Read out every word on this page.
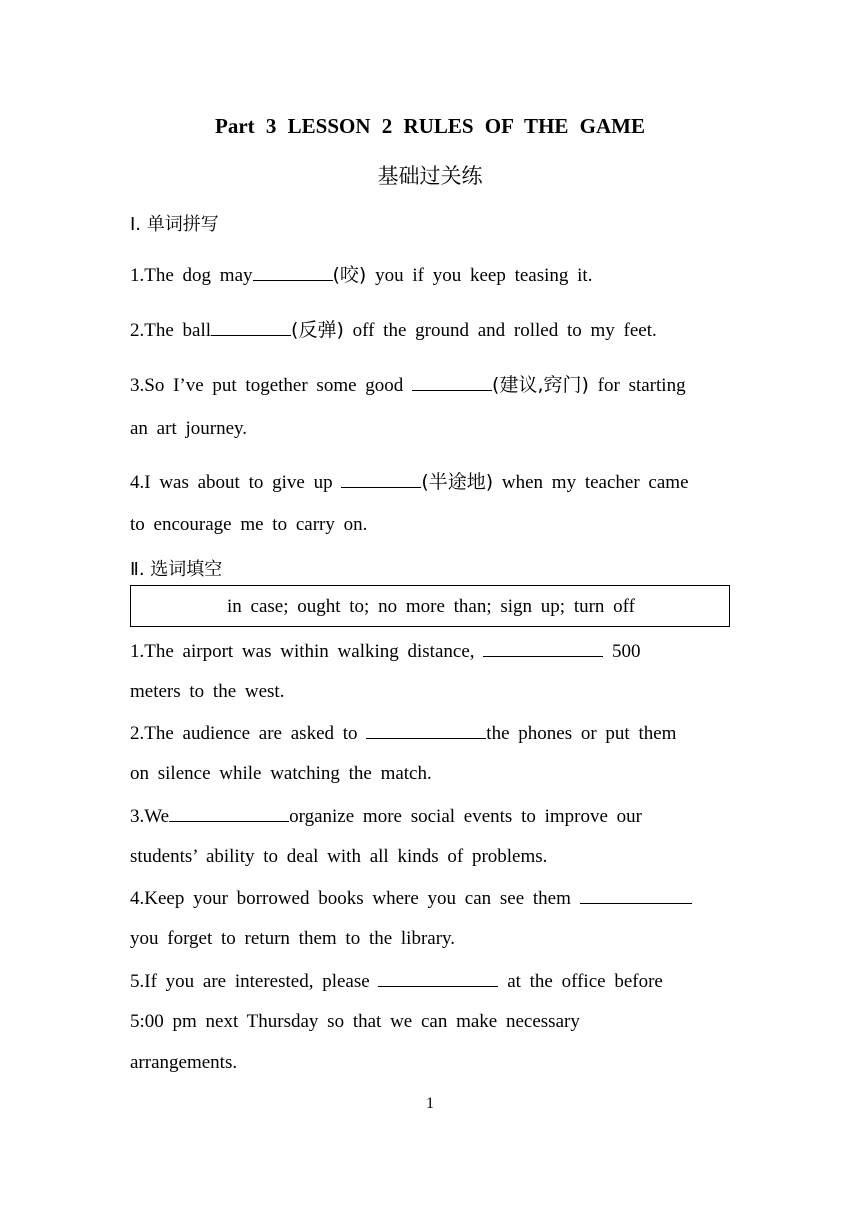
Part 3 LESSON 2 RULES OF THE GAME
基础过关练
Ⅰ. 单词拼写
1.The dog may	(咬) you if you keep teasing it.
2.The ball	(反弹) off the ground and rolled to my feet.
3.So I’ve put together some good	(建议,窍门) for starting
an art journey.
4.I was about to give up	(半途地) when my teacher came
to encourage me to carry on.
Ⅱ. 选词填空
in case; ought to; no more than; sign up; turn off
1.The airport was within walking distance,	500
meters to the west.
2.The audience are asked to	the phones or put them
on silence while watching the match.
3.We	organize more social events to improve our
students’ ability to deal with all kinds of problems.
4.Keep your borrowed books where you can see them
you forget to return them to the library.
5.If you are interested, please	at the office before
5:00 pm next Thursday so that we can make necessary
arrangements.
1
